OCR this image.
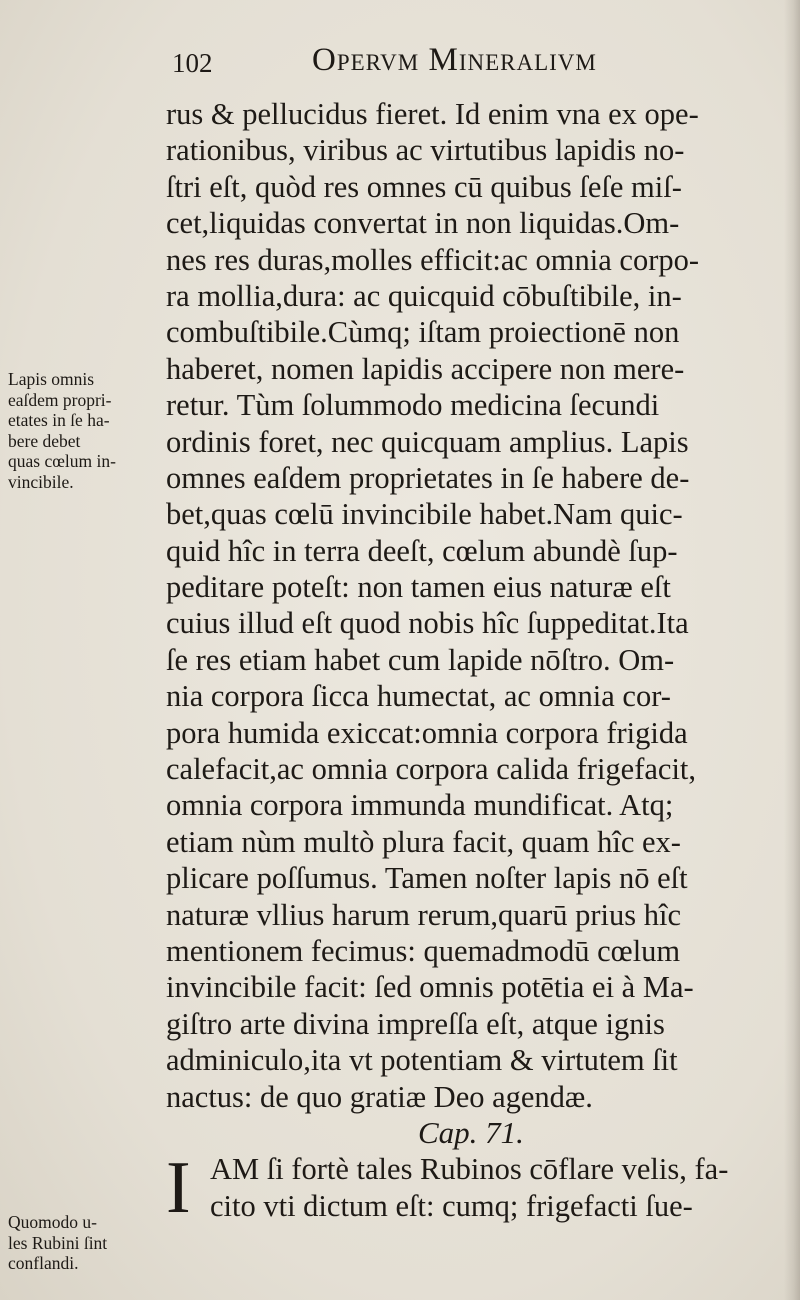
102	Opervm Mineralivm
rus & pellucidus fieret. Id enim vna ex ope-
rationibus, viribus ac virtutibus lapidis no-
ſtri eſt, quòd res omnes cū quibus ſeſe miſ-
cet,liquidas convertat in non liquidas.Om-
nes res duras,molles efficit:ac omnia corpo-
ra mollia,dura: ac quicquid cōbuſtibile, in-
combuſtibile.Cùmq; iſtam proiectionē non
haberet, nomen lapidis accipere non mere-
retur. Tùm ſolummodo medicina ſecundi
ordinis foret, nec quicquam amplius. Lapis
omnes eaſdem proprietates in ſe habere de-
bet,quas cœlū invincibile habet.Nam quic-
quid hîc in terra deeſt, cœlum abundè ſup-
peditare poteſt: non tamen eius naturæ eſt
cuius illud eſt quod nobis hîc ſuppeditat.Ita
ſe res etiam habet cum lapide nōſtro. Om-
nia corpora ſicca humectat, ac omnia cor-
pora humida exiccat:omnia corpora frigida
calefacit,ac omnia corpora calida frigefacit,
omnia corpora immunda mundificat. Atq;
etiam nùm multò plura facit, quam hîc ex-
plicare poſſumus. Tamen noſter lapis nō eſt
naturæ vllius harum rerum,quarū prius hîc
mentionem fecimus: quemadmodū cœlum
invincibile facit: ſed omnis potētia ei à Ma-
giſtro arte divina impreſſa eſt, atque ignis
adminiculo,ita vt potentiam & virtutem ſit
nactus: de quo gratiæ Deo agendæ.
Cap. 71.
I AM ſi fortè tales Rubinos cōflare velis, fa-
cito vti dictum eſt: cumq; frigefacti ſue-
Lapis omnis
eaſdem propri-
etates in ſe ha-
bere debet
quas cœlum in-
vincibile.
Quomodo u-
les Rubini ſint
conflandi.
